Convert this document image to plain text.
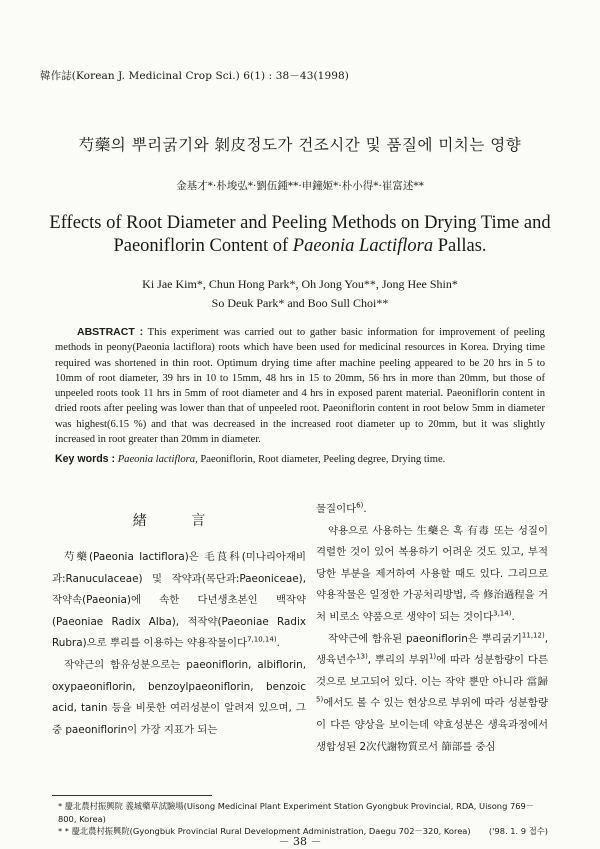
韓作誌(Korean J. Medicinal Crop Sci.) 6(1) : 38－43(1998)
芍藥의 뿌리굵기와 剝皮정도가 건조시간 및 품질에 미치는 영향
金基才*·朴埈弘*·劉伍鍾**·申鐘姬*·朴小得*·崔富述**
Effects of Root Diameter and Peeling Methods on Drying Time and Paeoniflorin Content of Paeonia Lactiflora Pallas.
Ki Jae Kim*, Chun Hong Park*, Oh Jong You**, Jong Hee Shin*
So Deuk Park* and Boo Sull Choi**
ABSTRACT : This experiment was carried out to gather basic information for improvement of peeling methods in peony(Paeonia lactiflora) roots which have been used for medicinal resources in Korea. Drying time required was shortened in thin root. Optimum drying time after machine peeling appeared to be 20 hrs in 5 to 10mm of root diameter, 39 hrs in 10 to 15mm, 48 hrs in 15 to 20mm, 56 hrs in more than 20mm, but those of unpeeled roots took 11 hrs in 5mm of root diameter and 4 hrs in exposed parent material. Paeoniflorin content in dried roots after peeling was lower than that of unpeeled root. Paeoniflorin content in root below 5mm in diameter was highest(6.15 %) and that was decreased in the increased root diameter up to 20mm, but it was slightly increased in root greater than 20mm in diameter.
Key words : Paeonia lactiflora, Paeoniflorin, Root diameter, Peeling degree, Drying time.
緖 言

芍藥(Paeonia lactiflora)은 毛茛科(미나리아재비과:Ranuculaceae) 및 작약과(목단과:Paeoniceae), 작약속(Paeonia)에 속한 다년생초본인 백작약(Paeoniae Radix Alba), 적작약(Paeoniae Radix Rubra)으로 뿌리를 이용하는 약용작물이다$^{7,10,14)}$.

작약근의 함유성분으로는 paeoniflorin, albiflorin, oxypaeoniflorin, benzoylpaeoniflorin, benzoic acid, tanin 등을 비롯한 여러성분이 알려져 있으며, 그 중 paeoniflorin이 가장 지표가 되는

물질이다$^{6)}$.

약용으로 사용하는 生藥은 혹 有毒 또는 성질이 격렬한 것이 있어 복용하기 어려운 것도 있고, 부적당한 부분을 제거하여 사용할 때도 있다. 그리므로 약용작물은 일정한 가공처리방법, 즉 修治過程을 거처 비로소 약품으로 생약이 되는 것이다$^{3,14)}$.

작약근에 함유된 paeoniflorin은 뿌리굵기$^{11,12)}$, 생육년수$^{13)}$, 뿌리의 부위$^{1)}$에 따라 성분함량이 다른 것으로 보고되어 있다. 이는 작약 뿐만 아니라 當歸$^{5)}$에서도 볼 수 있는 현상으로 부위에 따라 성분함량이 다른 양상을 보이는데 약효성분은 생육과정에서 생합성된 2次代謝物質로서 篩部를 중심

* 慶北農村振興院 義城藥草試驗場(Uisong Medicinal Plant Experiment Station Gyongbuk Provincial, RDA, Uisong 769－800, Korea)
* * 慶北農村振興院(Gyongbuk Provincial Rural Development Administration, Daegu 702－320, Korea) ('98. 1. 9 접수)
－ 38 －
